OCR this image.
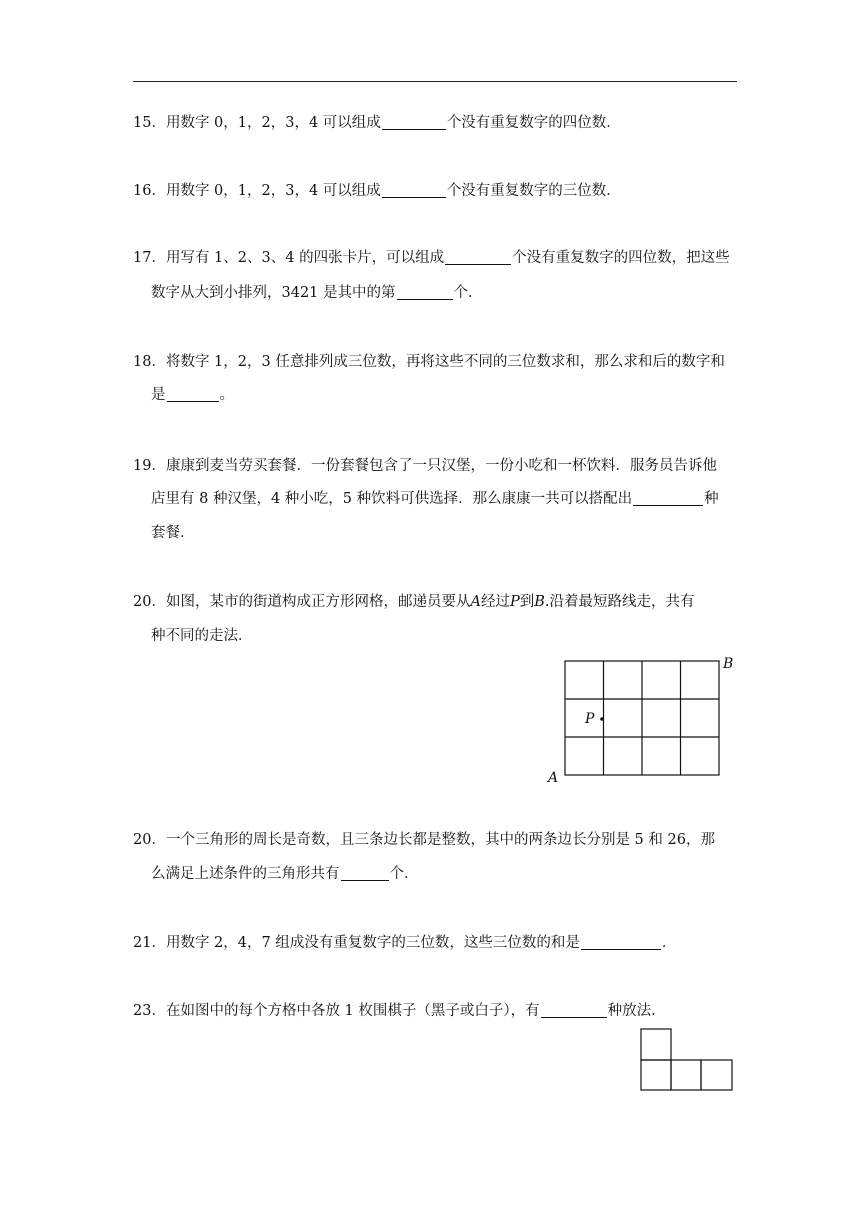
15．用数字 0，1，2，3，4 可以组成	个没有重复数字的四位数．
16．用数字 0，1，2，3，4 可以组成	个没有重复数字的三位数．
17．用写有 1、2、3、4 的四张卡片，可以组成	个没有重复数字的四位数，把这些
数字从大到小排列，3421 是其中的第	个．
18．将数字 1，2，3 任意排列成三位数，再将这些不同的三位数求和，那么求和后的数字和
是	。
19．康康到麦当劳买套餐．一份套餐包含了一只汉堡，一份小吃和一杯饮料．服务员告诉他
店里有 8 种汉堡，4 种小吃，5 种饮料可供选择．那么康康一共可以搭配出	种
套餐．
20．如图，某市的街道构成正方形网格，邮递员要从A经过P到B.沿着最短路线走，共有
种不同的走法．
A
B
P
20．一个三角形的周长是奇数，且三条边长都是整数，其中的两条边长分别是 5 和 26，那
么满足上述条件的三角形共有	个．
21．用数字 2，4，7 组成没有重复数字的三位数，这些三位数的和是	．
23．在如图中的每个方格中各放 1 枚围棋子（黑子或白子），有	种放法．
